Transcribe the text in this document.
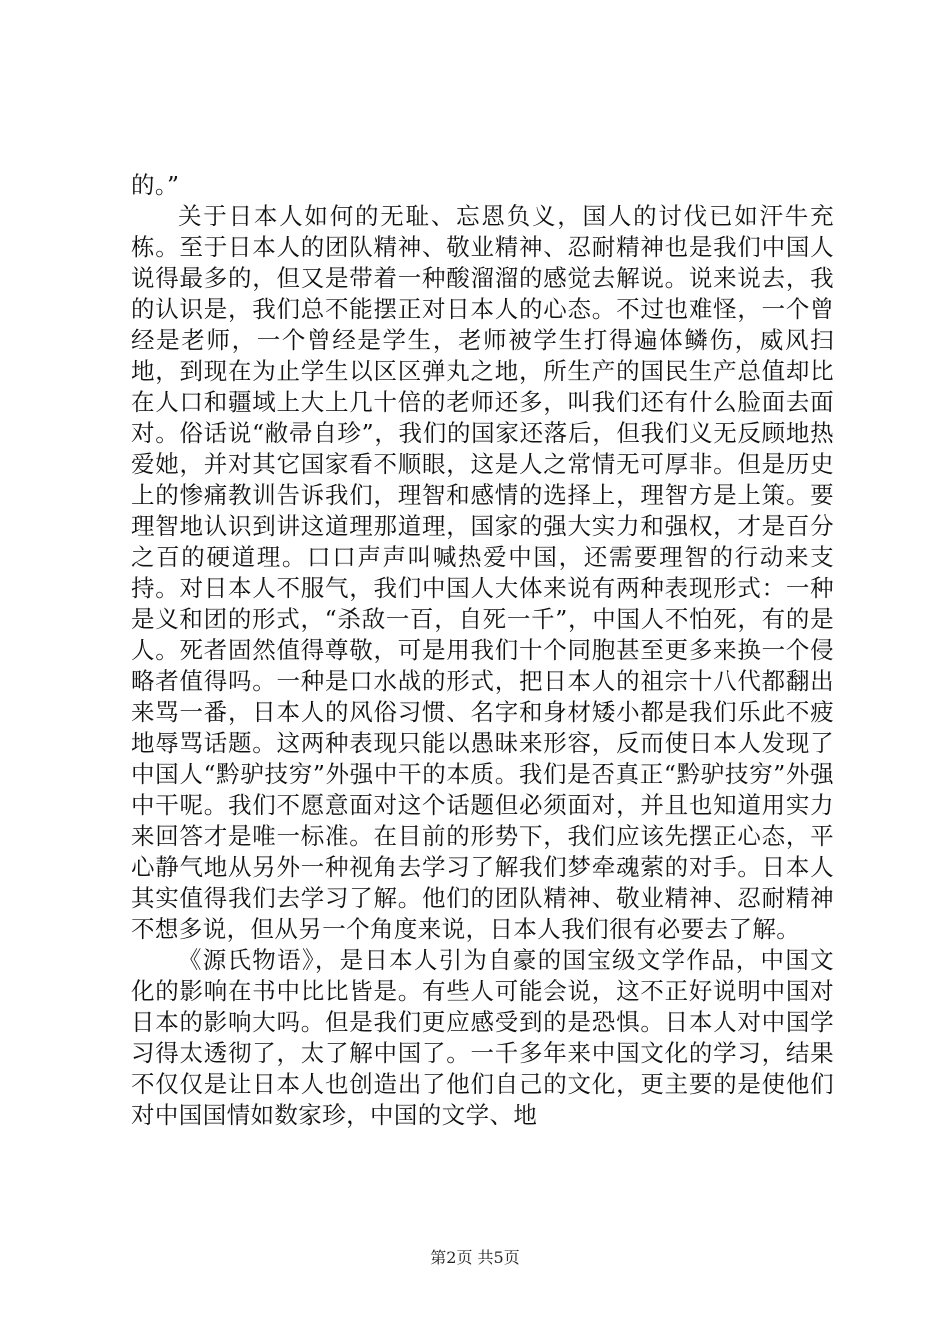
的。”

关于日本人如何的无耻、忘恩负义，国人的讨伐已如汗牛充栋。至于日本人的团队精神、敬业精神、忍耐精神也是我们中国人说得最多的，但又是带着一种酸溜溜的感觉去解说。说来说去，我的认识是，我们总不能摆正对日本人的心态。不过也难怪，一个曾经是老师，一个曾经是学生，老师被学生打得遍体鳞伤，威风扫地，到现在为止学生以区区弹丸之地，所生产的国民生产总值却比在人口和疆域上大上几十倍的老师还多，叫我们还有什么脸面去面对。俗话说“敝帚自珍”，我们的国家还落后，但我们义无反顾地热爱她，并对其它国家看不顺眼，这是人之常情无可厚非。但是历史上的惨痛教训告诉我们，理智和感情的选择上，理智方是上策。要理智地认识到讲这道理那道理，国家的强大实力和强权，才是百分之百的硬道理。口口声声叫喊热爱中国，还需要理智的行动来支持。对日本人不服气，我们中国人大体来说有两种表现形式：一种是义和团的形式，“杀敌一百，自死一千”，中国人不怕死，有的是人。死者固然值得尊敬，可是用我们十个同胞甚至更多来换一个侵略者值得吗。一种是口水战的形式，把日本人的祖宗十八代都翻出来骂一番，日本人的风俗习惯、名字和身材矮小都是我们乐此不疲地辱骂话题。这两种表现只能以愚昧来形容，反而使日本人发现了中国人“黔驴技穷”外强中干的本质。我们是否真正“黔驴技穷”外强中干呢。我们不愿意面对这个话题但必须面对，并且也知道用实力来回答才是唯一标准。在目前的形势下，我们应该先摆正心态，平心静气地从另外一种视角去学习了解我们梦牵魂萦的对手。日本人其实值得我们去学习了解。他们的团队精神、敬业精神、忍耐精神不想多说，但从另一个角度来说，日本人我们很有必要去了解。

《源氏物语》，是日本人引为自豪的国宝级文学作品，中国文化的影响在书中比比皆是。有些人可能会说，这不正好说明中国对日本的影响大吗。但是我们更应感受到的是恐惧。日本人对中国学习得太透彻了，太了解中国了。一千多年来中国文化的学习，结果不仅仅是让日本人也创造出了他们自己的文化，更主要的是使他们对中国国情如数家珍，中国的文学、地

第2页 共5页
